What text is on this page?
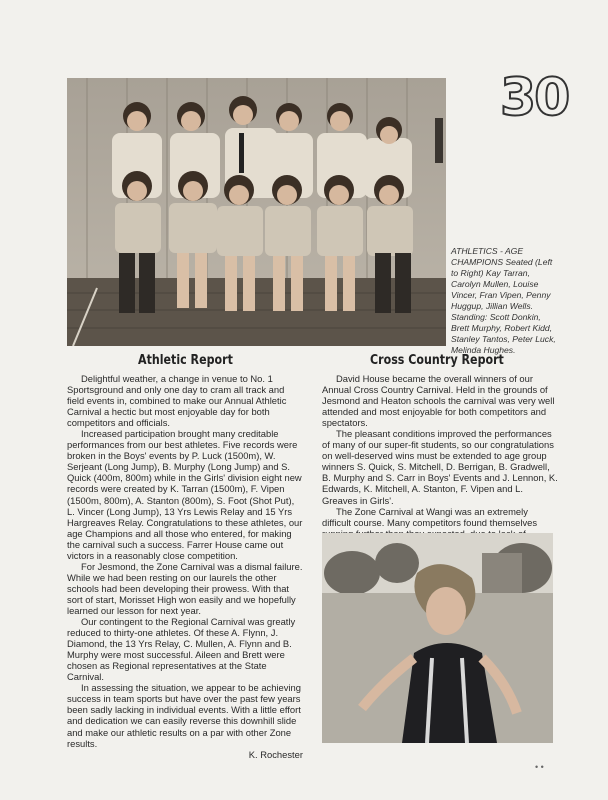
30
ATHLETICS - AGE CHAMPIONS Seated (Left to Right) Kay Tarran, Carolyn Mullen, Louise Vincer, Fran Vipen, Penny Huggup, Jillian Wells. Standing: Scott Donkin, Brett Murphy, Robert Kidd, Stanley Tantos, Peter Luck, Melinda Hughes.
Athletic Report

Delightful weather, a change in venue to No. 1 Sportsground and only one day to cram all track and field events in, combined to make our Annual Athletic Carnival a hectic but most enjoyable day for both competitors and officials.

Increased participation brought many creditable performances from our best athletes. Five records were broken in the Boys' events by P. Luck (1500m), W. Serjeant (Long Jump), B. Murphy (Long Jump) and S. Quick (400m, 800m) while in the Girls' division eight new records were created by K. Tarran (1500m), F. Vipen (1500m, 800m), A. Stanton (800m), S. Foot (Shot Put), L. Vincer (Long Jump), 13 Yrs Lewis Relay and 15 Yrs Hargreaves Relay. Congratulations to these athletes, our age Champions and all those who entered, for making the carnival such a success. Farrer House came out victors in a reasonably close competition.

For Jesmond, the Zone Carnival was a dismal failure. While we had been resting on our laurels the other schools had been developing their prowess. With that sort of start, Morisset High won easily and we hopefully learned our lesson for next year.

Our contingent to the Regional Carnival was greatly reduced to thirty-one athletes. Of these A. Flynn, J. Diamond, the 13 Yrs Relay, C. Mullen, A. Flynn and B. Murphy were most successful. Aileen and Brett were chosen as Regional representatives at the State Carnival.

In assessing the situation, we appear to be achieving success in team sports but have over the past few years been sadly lacking in individual events. With a little effort and dedication we can easily reverse this downhill slide and make our athletic results on a par with other Zone results.

K. Rochester

Cross Country Report

David House became the overall winners of our Annual Cross Country Carnival. Held in the grounds of Jesmond and Heaton schools the carnival was very well attended and most enjoyable for both competitors and spectators.

The pleasant conditions improved the performances of many of our super-fit students, so our congratulations on well-deserved wins must be extended to age group winners S. Quick, S. Mitchell, D. Berrigan, B. Gradwell, B. Murphy and S. Carr in Boys' Events and J. Lennon, K. Edwards, K. Mitchell, A. Stanton, F. Vipen and L. Greaves in Girls'.

The Zone Carnival at Wangi was an extremely difficult course. Many competitors found themselves

• •
